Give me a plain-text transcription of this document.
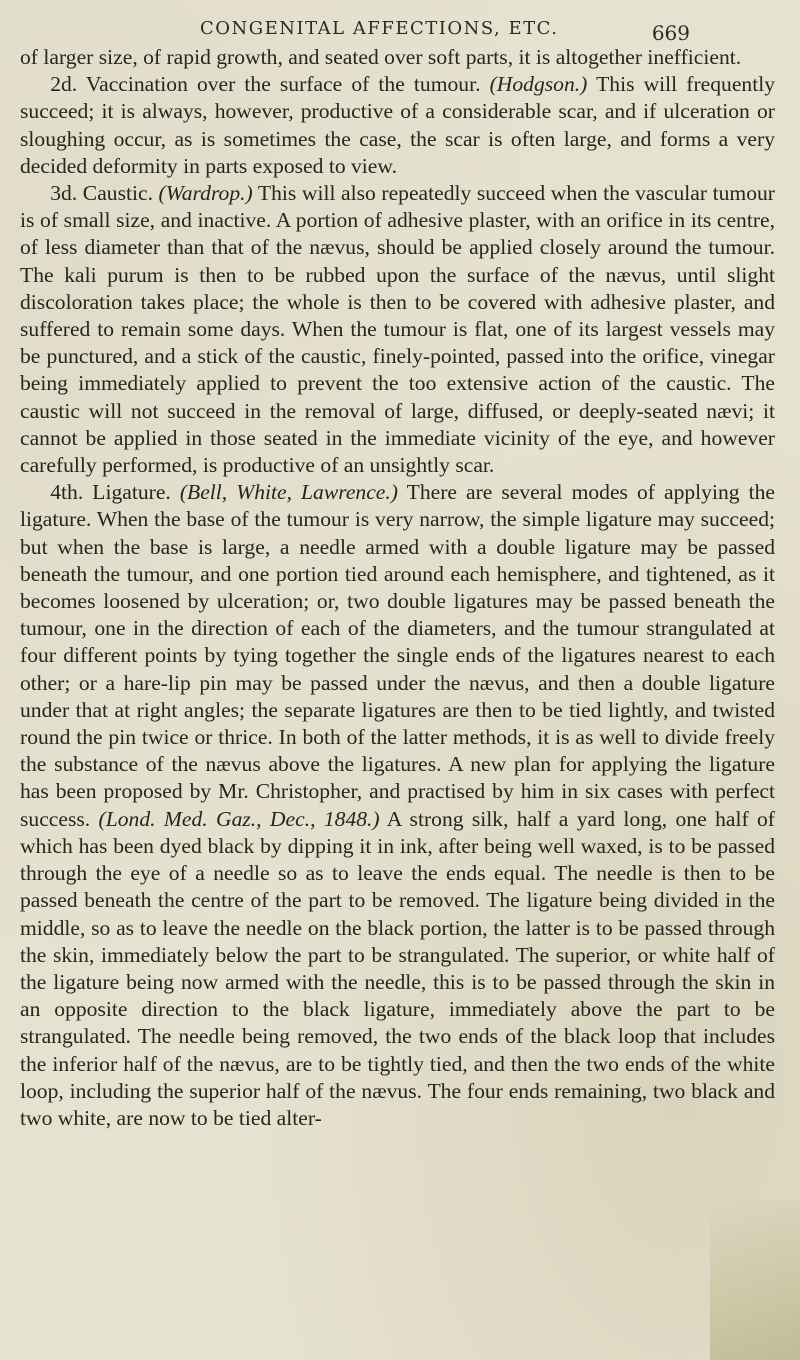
CONGENITAL AFFECTIONS, ETC.	669

of larger size, of rapid growth, and seated over soft parts, it is altogether inefficient.

2d. Vaccination over the surface of the tumour. (Hodgson.) This will frequently succeed; it is always, however, productive of a considerable scar, and if ulceration or sloughing occur, as is sometimes the case, the scar is often large, and forms a very decided deformity in parts exposed to view.

3d. Caustic. (Wardrop.) This will also repeatedly succeed when the vascular tumour is of small size, and inactive. A portion of adhesive plaster, with an orifice in its centre, of less diameter than that of the nævus, should be applied closely around the tumour. The kali purum is then to be rubbed upon the surface of the nævus, until slight discoloration takes place; the whole is then to be covered with adhesive plaster, and suffered to remain some days. When the tumour is flat, one of its largest vessels may be punctured, and a stick of the caustic, finely-pointed, passed into the orifice, vinegar being immediately applied to prevent the too extensive action of the caustic. The caustic will not succeed in the removal of large, diffused, or deeply-seated nævi; it cannot be applied in those seated in the immediate vicinity of the eye, and however carefully performed, is productive of an unsightly scar.

4th. Ligature. (Bell, White, Lawrence.) There are several modes of applying the ligature. When the base of the tumour is very narrow, the simple ligature may succeed; but when the base is large, a needle armed with a double ligature may be passed beneath the tumour, and one portion tied around each hemisphere, and tightened, as it becomes loosened by ulceration; or, two double ligatures may be passed beneath the tumour, one in the direction of each of the diameters, and the tumour strangulated at four different points by tying together the single ends of the ligatures nearest to each other; or a hare-lip pin may be passed under the nævus, and then a double ligature under that at right angles; the separate ligatures are then to be tied lightly, and twisted round the pin twice or thrice. In both of the latter methods, it is as well to divide freely the substance of the nævus above the ligatures. A new plan for applying the ligature has been proposed by Mr. Christopher, and practised by him in six cases with perfect success. (Lond. Med. Gaz., Dec., 1848.) A strong silk, half a yard long, one half of which has been dyed black by dipping it in ink, after being well waxed, is to be passed through the eye of a needle so as to leave the ends equal. The needle is then to be passed beneath the centre of the part to be removed. The ligature being divided in the middle, so as to leave the needle on the black portion, the latter is to be passed through the skin, immediately below the part to be strangulated. The superior, or white half of the ligature being now armed with the needle, this is to be passed through the skin in an opposite direction to the black ligature, immediately above the part to be strangulated. The needle being removed, the two ends of the black loop that includes the inferior half of the nævus, are to be tightly tied, and then the two ends of the white loop, including the superior half of the nævus. The four ends remaining, two black and two white, are now to be tied alter-
